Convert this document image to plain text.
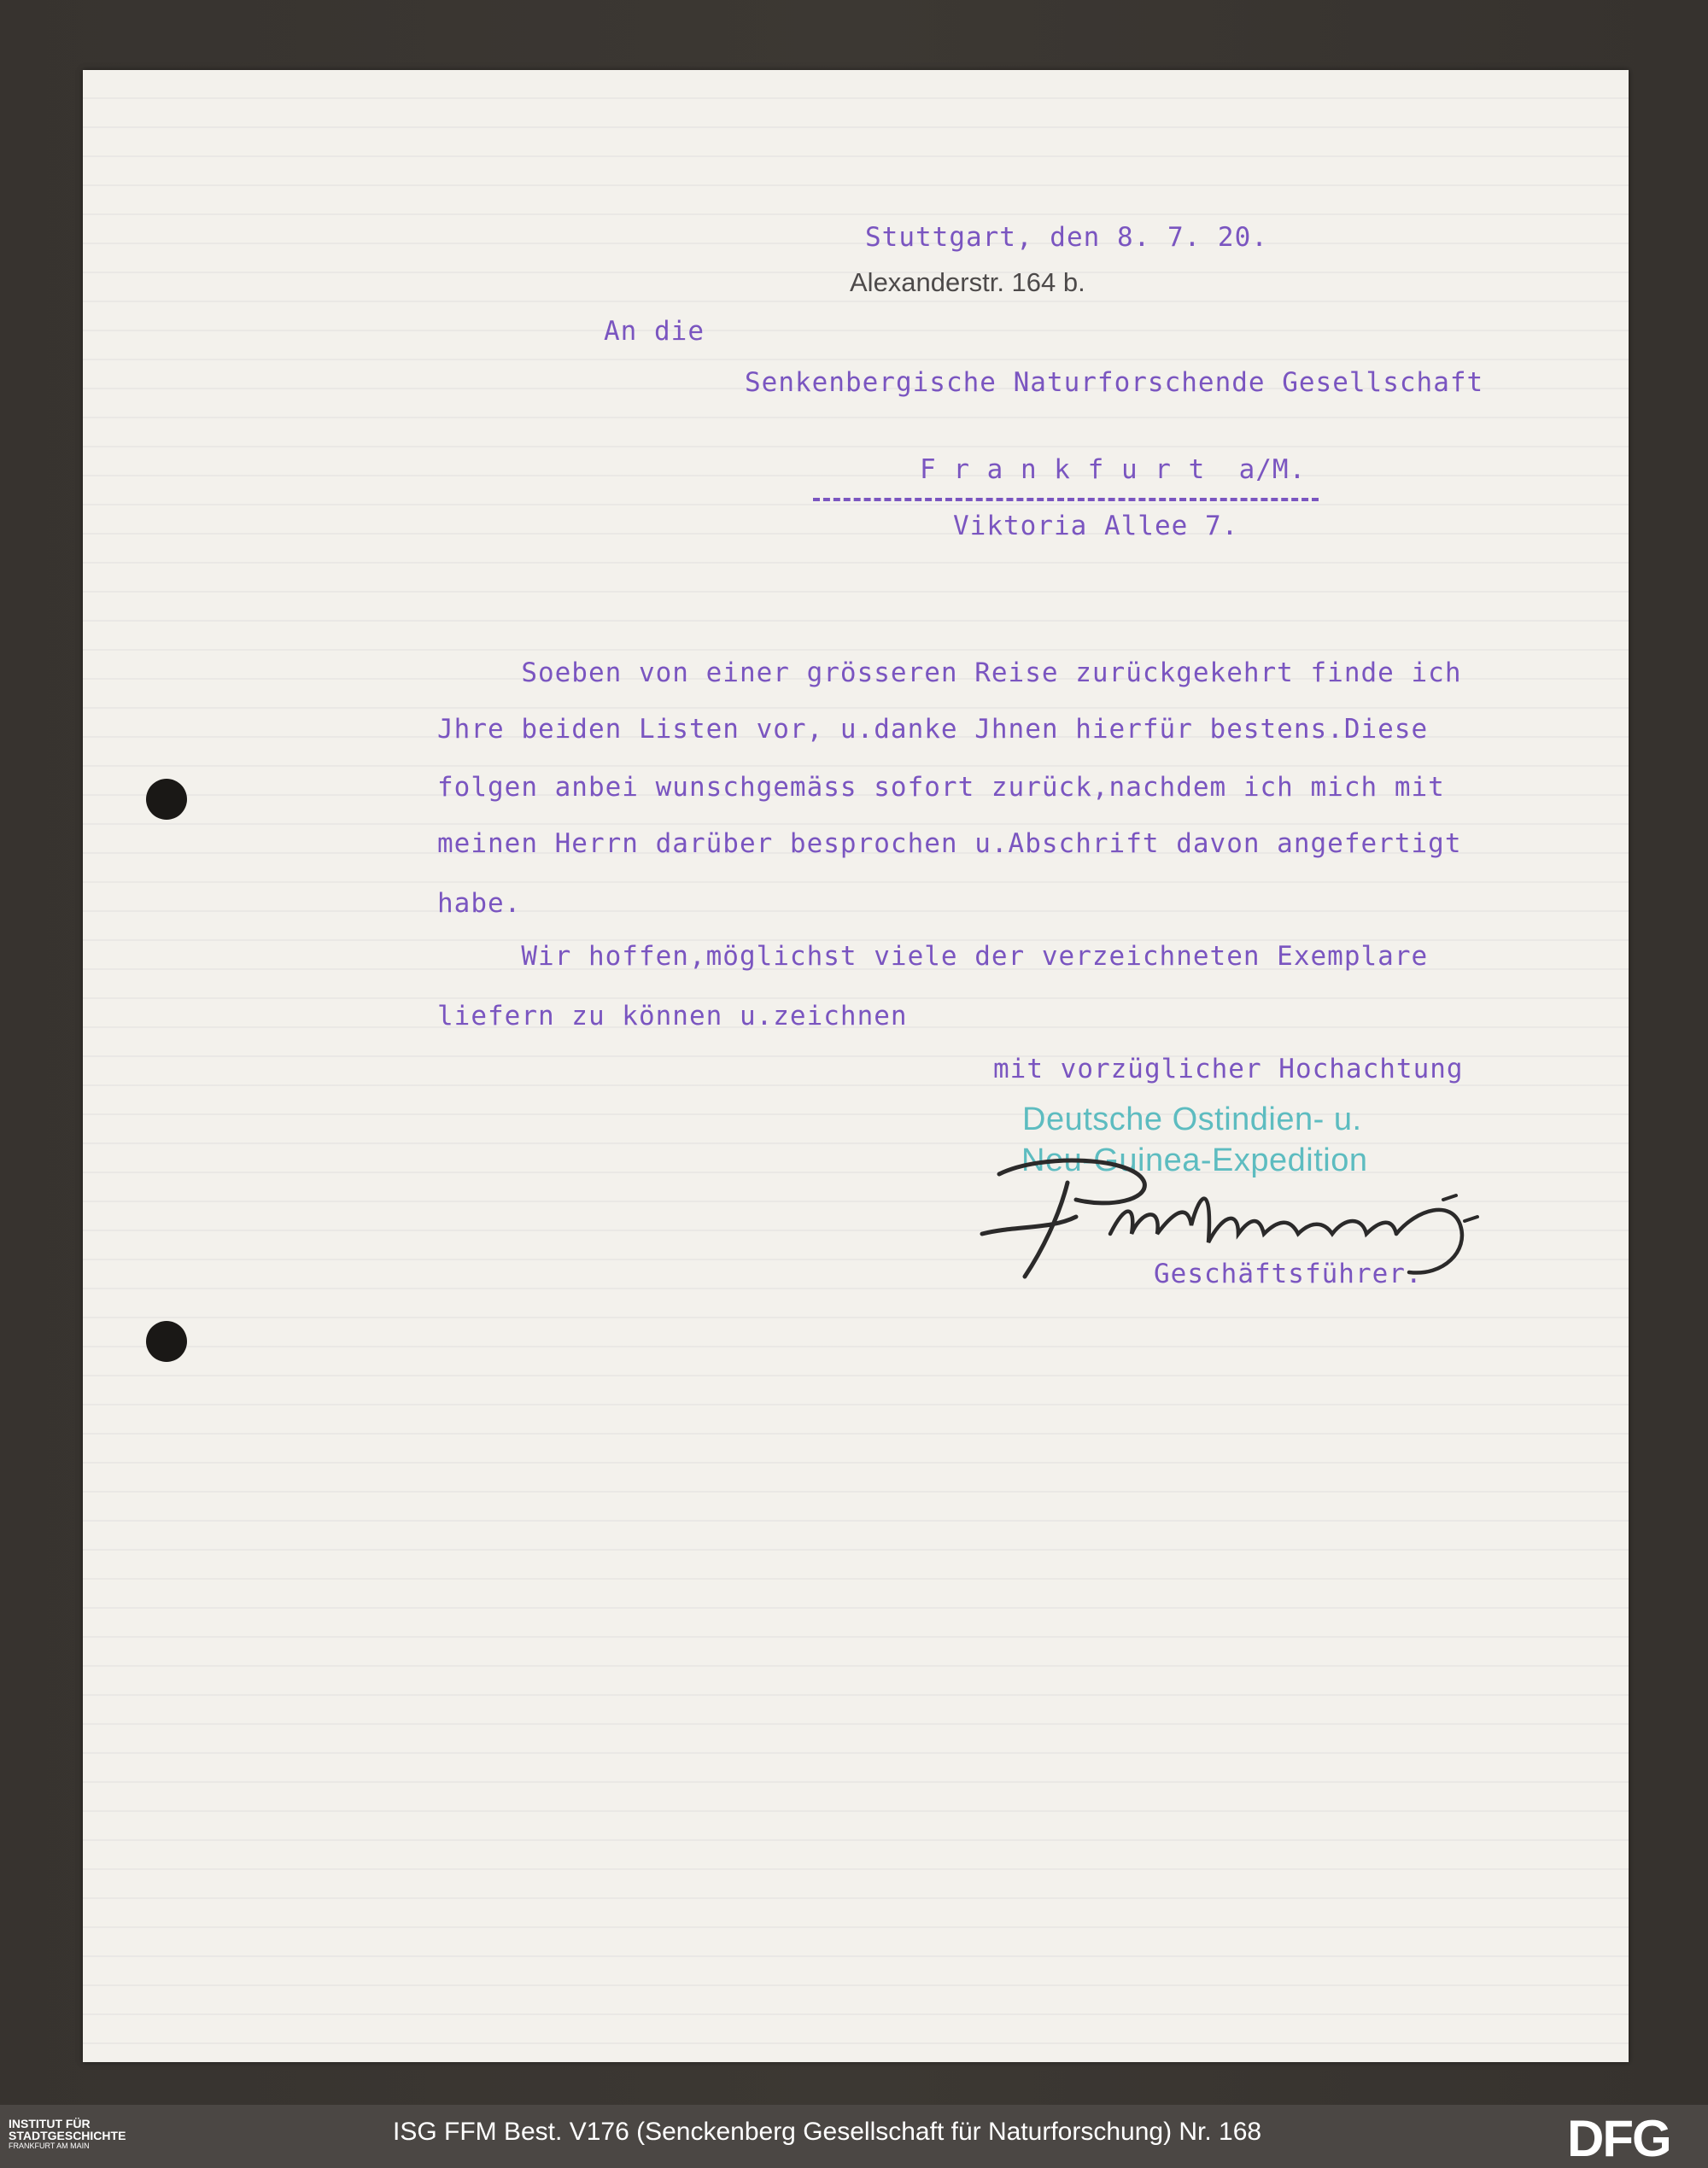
Stuttgart, den 8. 7. 20.
Alexanderstr. 164 b.
An die
Senkenbergische Naturforschende Gesellschaft
F r a n k f u r t  a/M.
Viktoria Allee 7.
Soeben von einer grösseren Reise zurückgekehrt finde ich
Jhre beiden Listen vor, u.danke Jhnen hierfür bestens.Diese
folgen anbei wunschgemäss sofort zurück,nachdem ich mich mit
meinen Herrn darüber besprochen u.Abschrift davon angefertigt
habe.
Wir hoffen,möglichst viele der verzeichneten Exemplare
liefern zu können u.zeichnen
mit vorzüglicher Hochachtung
Deutsche Ostindien- u.
Neu-Guinea-Expedition
Geschäftsführer.
INSTITUT FÜR
STADTGESCHICHTE
FRANKFURT AM MAIN	ISG FFM Best. V176 (Senckenberg Gesellschaft für Naturforschung) Nr. 168	DFG
